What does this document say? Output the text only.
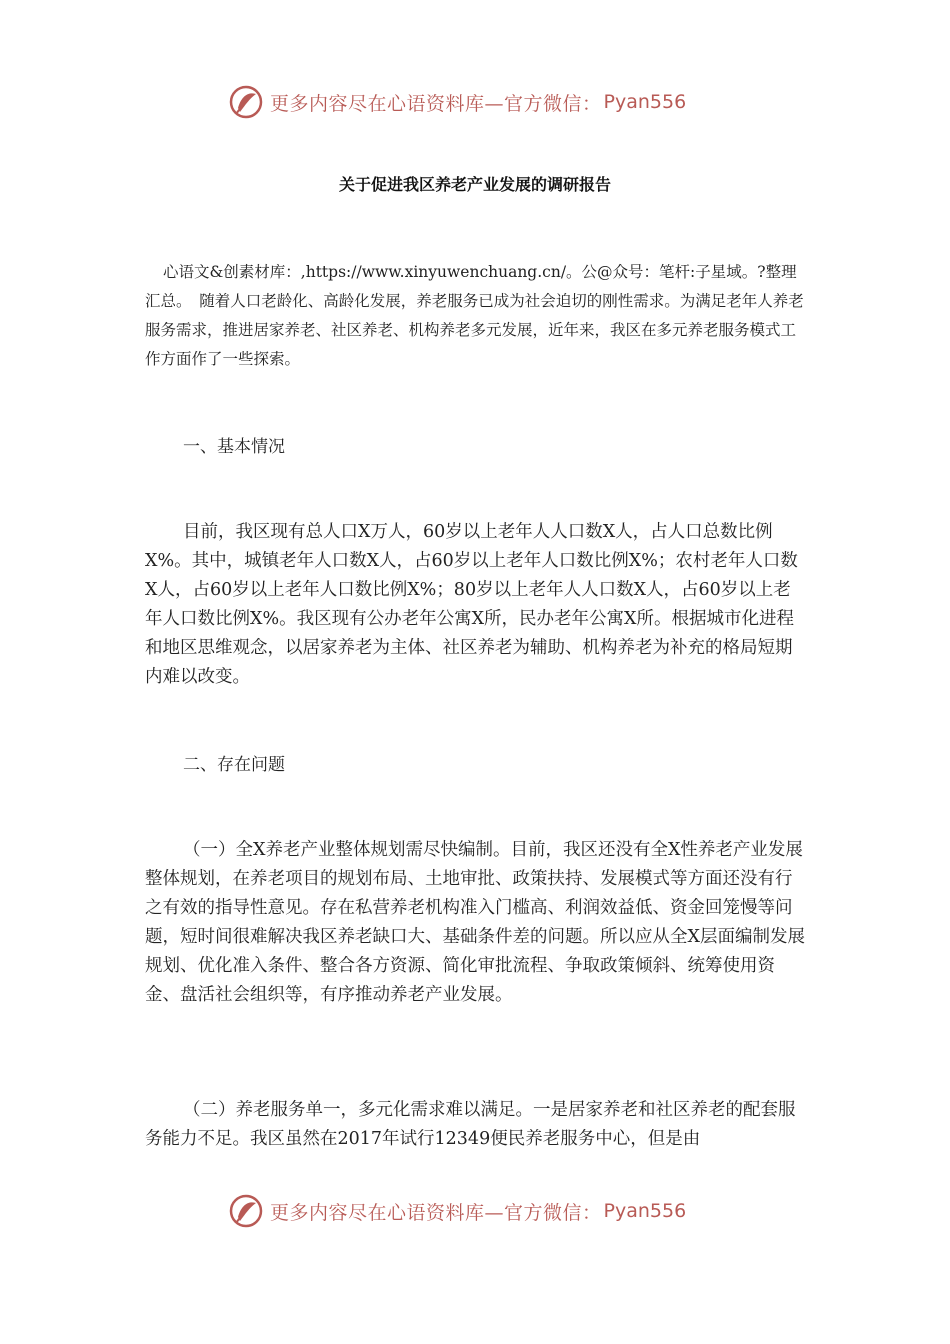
更多内容尽在心语资料库—官方微信： Pyan556
关于促进我区养老产业发展的调研报告

心语文&创素材库：,https://www.xinyuwenchuang.cn/。公@众号：笔杆:子星域。?整理汇总。　随着人口老龄化、高龄化发展，养老服务已成为社会迫切的刚性需求。为满足老年人养老服务需求，推进居家养老、社区养老、机构养老多元发展，近年来，我区在多元养老服务模式工作方面作了一些探索。

一、基本情况

目前，我区现有总人口X万人，60岁以上老年人人口数X人，占人口总数比例X%。其中，城镇老年人口数X人，占60岁以上老年人口数比例X%；农村老年人口数X人，占60岁以上老年人口数比例X%；80岁以上老年人人口数X人，占60岁以上老年人口数比例X%。我区现有公办老年公寓X所，民办老年公寓X所。根据城市化进程和地区思维观念，以居家养老为主体、社区养老为辅助、机构养老为补充的格局短期内难以改变。

二、存在问题

（一）全X养老产业整体规划需尽快编制。目前，我区还没有全X性养老产业发展整体规划，在养老项目的规划布局、土地审批、政策扶持、发展模式等方面还没有行之有效的指导性意见。存在私营养老机构准入门槛高、利润效益低、资金回笼慢等问题，短时间很难解决我区养老缺口大、基础条件差的问题。所以应从全X层面编制发展规划、优化准入条件、整合各方资源、简化审批流程、争取政策倾斜、统筹使用资金、盘活社会组织等，有序推动养老产业发展。

（二）养老服务单一，多元化需求难以满足。一是居家养老和社区养老的配套服务能力不足。我区虽然在2017年试行12349便民养老服务中心，但是由

更多内容尽在心语资料库—官方微信： Pyan556
